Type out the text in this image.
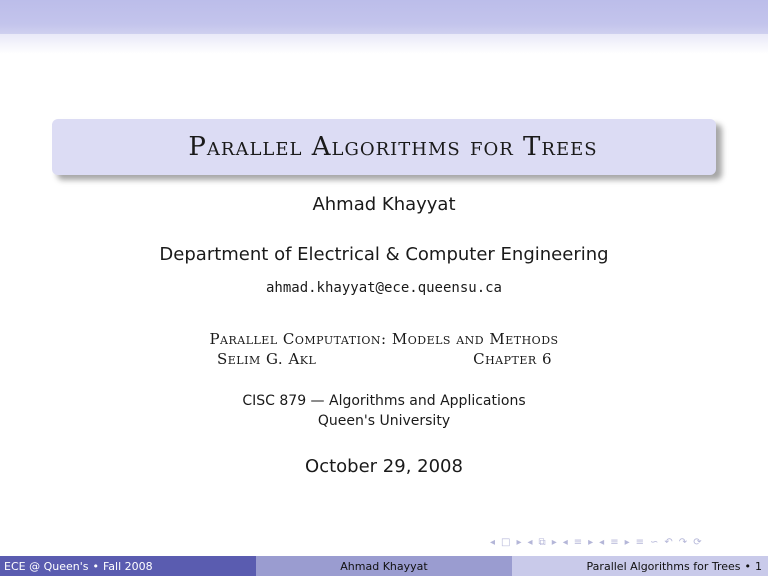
Parallel Algorithms for Trees
Ahmad Khayyat
Department of Electrical & Computer Engineering
ahmad.khayyat@ece.queensu.ca
Parallel Computation: Models and Methods
Selim G. Akl	Chapter 6
CISC 879 — Algorithms and Applications
Queen's University
October 29, 2008
◂ □ ▸ ◂ ⧉ ▸ ◂ ≡ ▸ ◂ ≡ ▸ ≡ ∽ ↶ ↷ ⟳
ECE @ Queen's • Fall 2008	Ahmad Khayyat	Parallel Algorithms for Trees • 1
